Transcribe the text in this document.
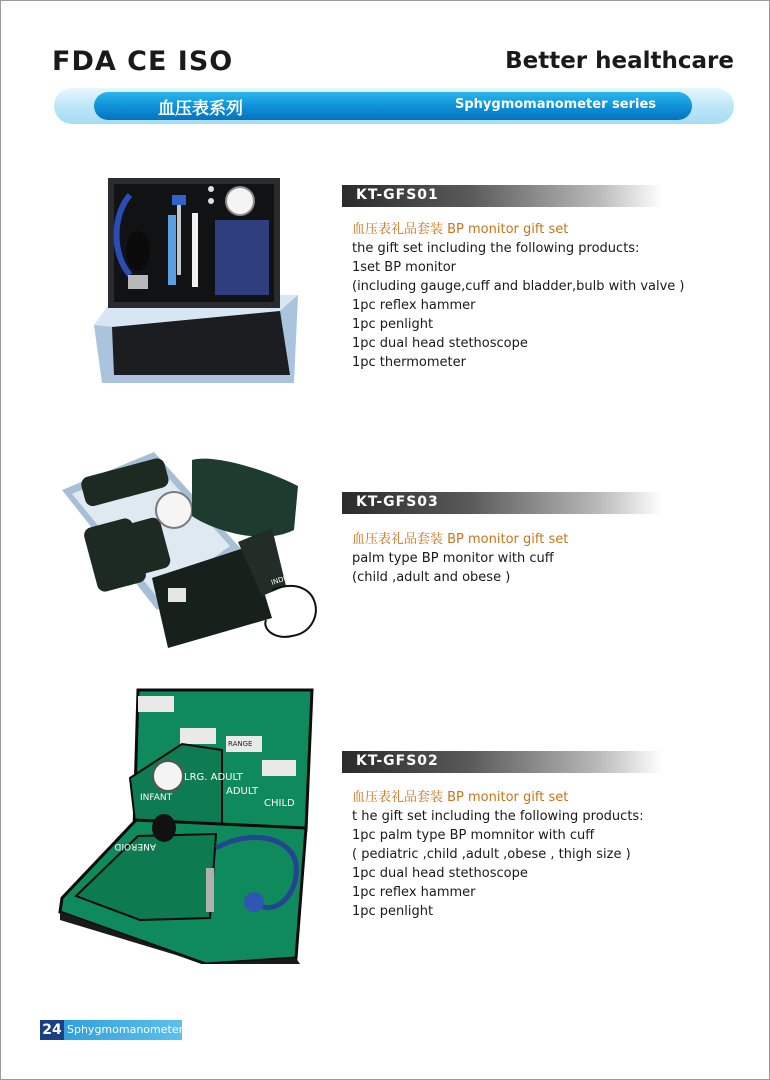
FDA CE ISO	Better healthcare
血压表系列	Sphygmomanometer series
KT-GFS01
血压表礼品套装 BP monitor gift set
the gift set including the following products:
1set BP monitor
(including gauge,cuff and bladder,bulb with valve )
1pc reflex hammer
1pc penlight
1pc dual head stethoscope
1pc thermometer
KT-GFS03
血压表礼品套装 BP monitor gift set
palm type BP monitor with cuff
(child ,adult and obese )
LRG. ADULT
ADULT
CHILD
INFANT
RANGE
ANEROID
KT-GFS02
血压表礼品套装 BP monitor gift set
t he gift set including the following products:
1pc palm type BP momnitor with cuff
( pediatric ,child ,adult ,obese , thigh size )
1pc dual head stethoscope
1pc reflex hammer
1pc penlight
24 Sphygmomanometer
INDEX
